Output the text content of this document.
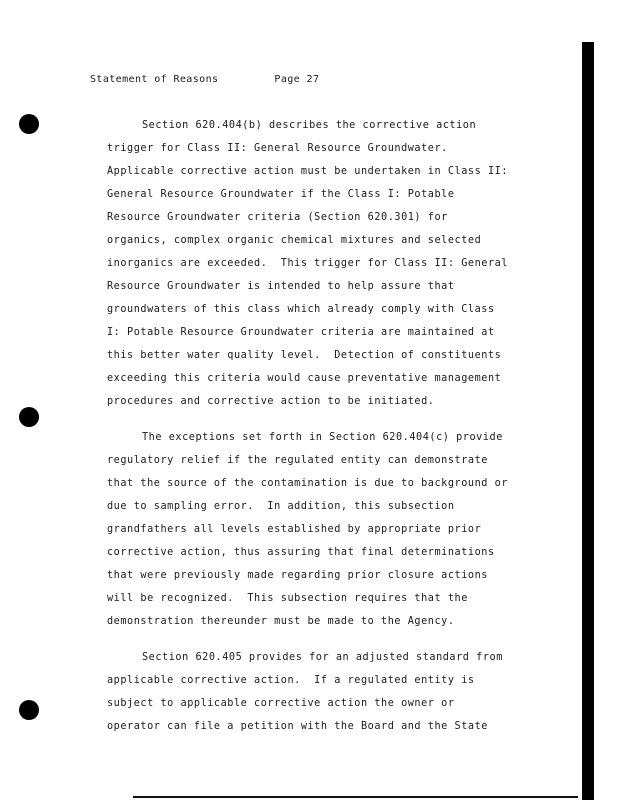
Statement of Reasons	Page 27
Section 620.404(b) describes the corrective action
trigger for Class II: General Resource Groundwater.
Applicable corrective action must be undertaken in Class II:
General Resource Groundwater if the Class I: Potable
Resource Groundwater criteria (Section 620.301) for
organics, complex organic chemical mixtures and selected
inorganics are exceeded.  This trigger for Class II: General
Resource Groundwater is intended to help assure that
groundwaters of this class which already comply with Class
I: Potable Resource Groundwater criteria are maintained at
this better water quality level.  Detection of constituents
exceeding this criteria would cause preventative management
procedures and corrective action to be initiated.
The exceptions set forth in Section 620.404(c) provide
regulatory relief if the regulated entity can demonstrate
that the source of the contamination is due to background or
due to sampling error.  In addition, this subsection
grandfathers all levels established by appropriate prior
corrective action, thus assuring that final determinations
that were previously made regarding prior closure actions
will be recognized.  This subsection requires that the
demonstration thereunder must be made to the Agency.
Section 620.405 provides for an adjusted standard from
applicable corrective action.  If a regulated entity is
subject to applicable corrective action the owner or
operator can file a petition with the Board and the State
